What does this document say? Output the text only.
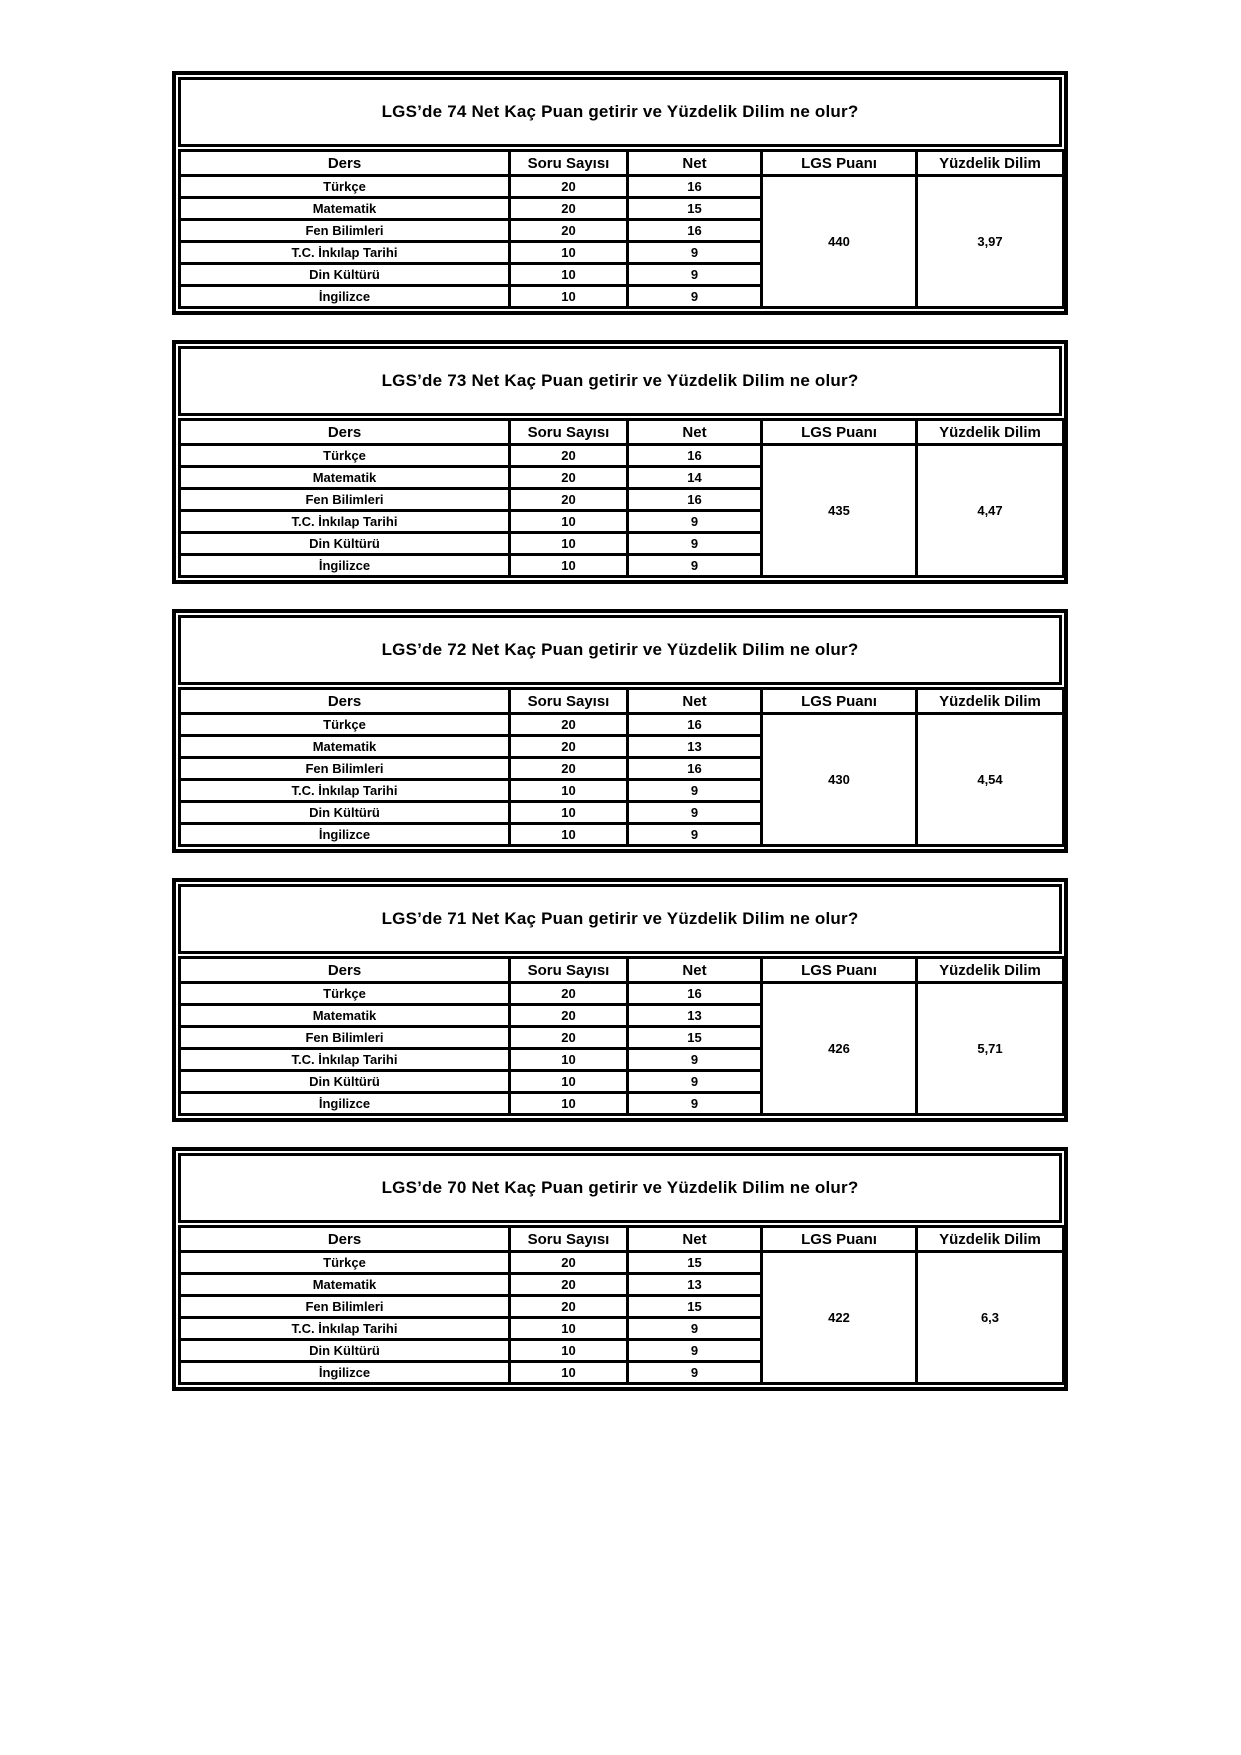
LGS’de 74 Net Kaç Puan getirir ve Yüzdelik Dilim ne olur?
Ders	Soru Sayısı	Net	LGS Puanı	Yüzdelik Dilim
Türkçe	20	16	440	3,97
Matematik	20	15		
Fen Bilimleri	20	16		
T.C. İnkılap Tarihi	10	9		
Din Kültürü	10	9		
İngilizce	10	9		
LGS’de 73 Net Kaç Puan getirir ve Yüzdelik Dilim ne olur?
Ders	Soru Sayısı	Net	LGS Puanı	Yüzdelik Dilim
Türkçe	20	16	435	4,47
Matematik	20	14		
Fen Bilimleri	20	16		
T.C. İnkılap Tarihi	10	9		
Din Kültürü	10	9		
İngilizce	10	9		
LGS’de 72 Net Kaç Puan getirir ve Yüzdelik Dilim ne olur?
Ders	Soru Sayısı	Net	LGS Puanı	Yüzdelik Dilim
Türkçe	20	16	430	4,54
Matematik	20	13		
Fen Bilimleri	20	16		
T.C. İnkılap Tarihi	10	9		
Din Kültürü	10	9		
İngilizce	10	9		
LGS’de 71 Net Kaç Puan getirir ve Yüzdelik Dilim ne olur?
Ders	Soru Sayısı	Net	LGS Puanı	Yüzdelik Dilim
Türkçe	20	16	426	5,71
Matematik	20	13		
Fen Bilimleri	20	15		
T.C. İnkılap Tarihi	10	9		
Din Kültürü	10	9		
İngilizce	10	9		
LGS’de 70 Net Kaç Puan getirir ve Yüzdelik Dilim ne olur?
Ders	Soru Sayısı	Net	LGS Puanı	Yüzdelik Dilim
Türkçe	20	15	422	6,3
Matematik	20	13		
Fen Bilimleri	20	15		
T.C. İnkılap Tarihi	10	9		
Din Kültürü	10	9		
İngilizce	10	9		
